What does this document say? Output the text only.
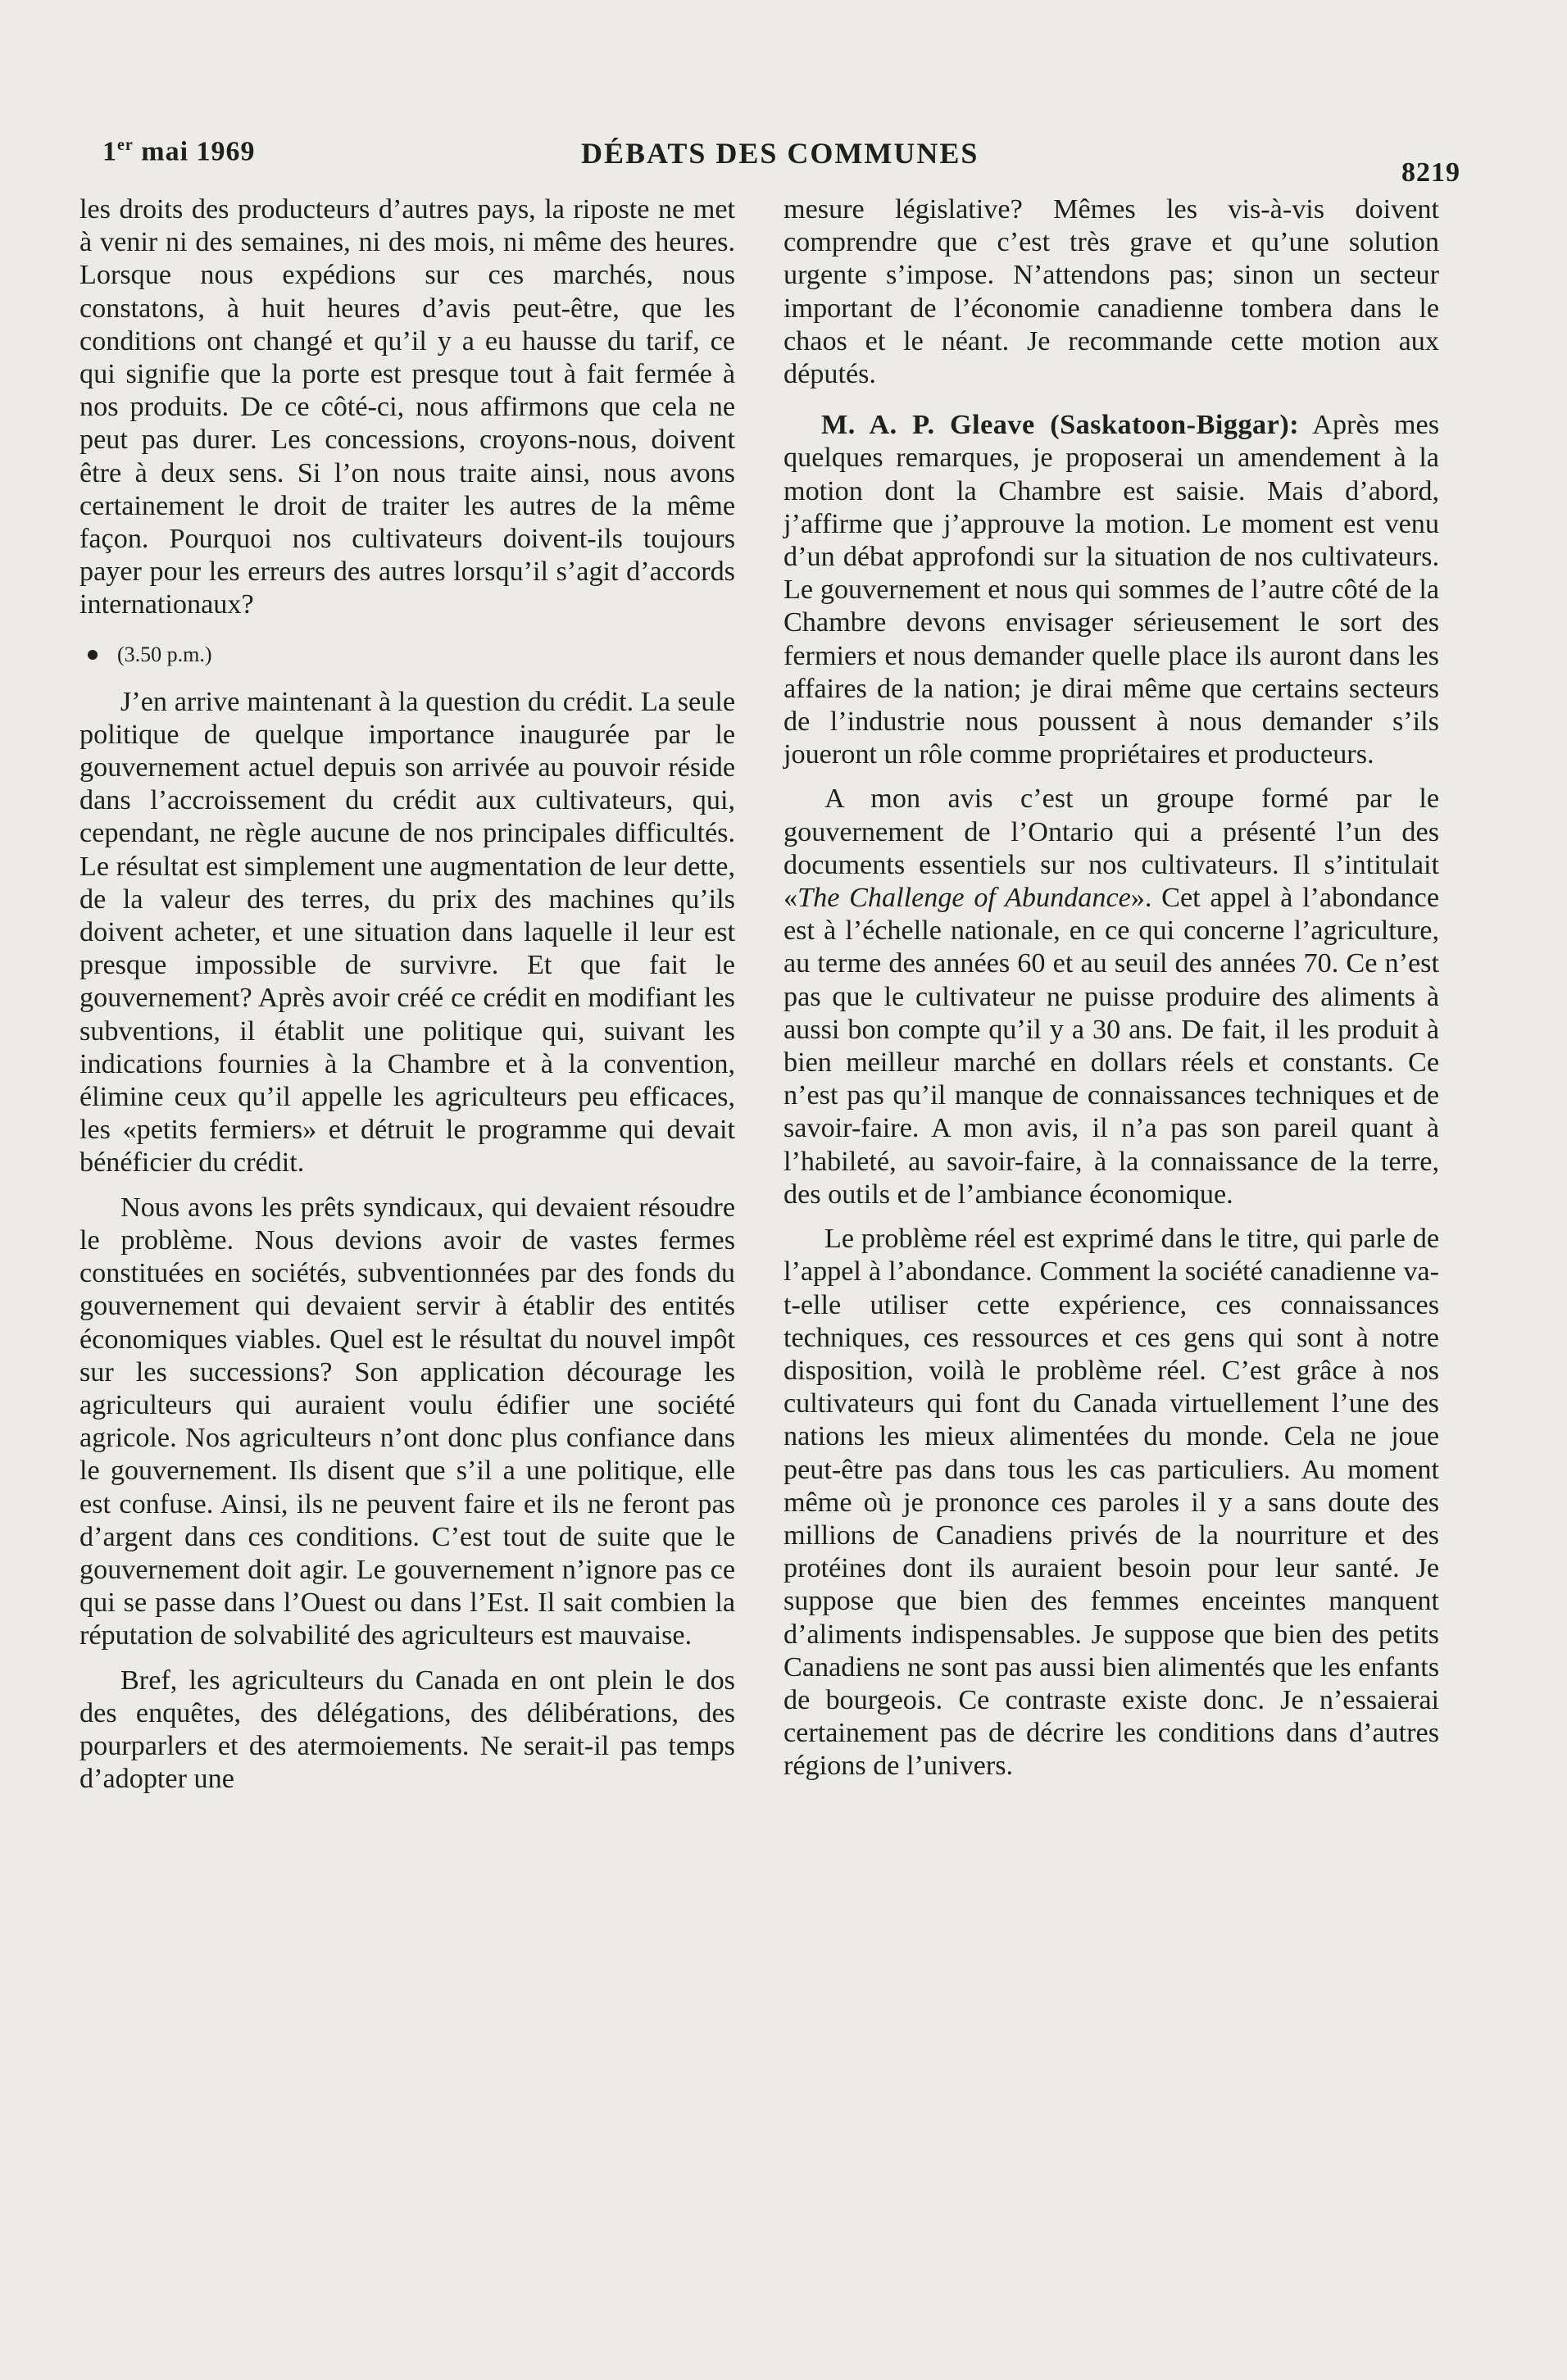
1er mai 1969	DÉBATS DES COMMUNES
8219

les droits des producteurs d’autres pays, la riposte ne met à venir ni des semaines, ni des mois, ni même des heures. Lorsque nous expédions sur ces marchés, nous constatons, à huit heures d’avis peut-être, que les conditions ont changé et qu’il y a eu hausse du tarif, ce qui signifie que la porte est presque tout à fait fermée à nos produits. De ce côté-ci, nous affirmons que cela ne peut pas durer. Les concessions, croyons-nous, doivent être à deux sens. Si l’on nous traite ainsi, nous avons certainement le droit de traiter les autres de la même façon. Pourquoi nos cultivateurs doivent-ils toujours payer pour les erreurs des autres lorsqu’il s’agit d’accords internationaux?

(3.50 p.m.)

J’en arrive maintenant à la question du crédit. La seule politique de quelque importance inaugurée par le gouvernement actuel depuis son arrivée au pouvoir réside dans l’accroissement du crédit aux cultivateurs, qui, cependant, ne règle aucune de nos principales difficultés. Le résultat est simplement une augmentation de leur dette, de la valeur des terres, du prix des machines qu’ils doivent acheter, et une situation dans laquelle il leur est presque impossible de survivre. Et que fait le gouvernement? Après avoir créé ce crédit en modifiant les subventions, il établit une politique qui, suivant les indications fournies à la Chambre et à la convention, élimine ceux qu’il appelle les agriculteurs peu efficaces, les «petits fermiers» et détruit le programme qui devait bénéficier du crédit.

Nous avons les prêts syndicaux, qui devaient résoudre le problème. Nous devions avoir de vastes fermes constituées en sociétés, subventionnées par des fonds du gouvernement qui devaient servir à établir des entités économiques viables. Quel est le résultat du nouvel impôt sur les successions? Son application décourage les agriculteurs qui auraient voulu édifier une société agricole. Nos agriculteurs n’ont donc plus confiance dans le gouvernement. Ils disent que s’il a une politique, elle est confuse. Ainsi, ils ne peuvent faire et ils ne feront pas d’argent dans ces conditions. C’est tout de suite que le gouvernement doit agir. Le gouvernement n’ignore pas ce qui se passe dans l’Ouest ou dans l’Est. Il sait combien la réputation de solvabilité des agriculteurs est mauvaise.

Bref, les agriculteurs du Canada en ont plein le dos des enquêtes, des délégations, des délibérations, des pourparlers et des atermoiements. Ne serait-il pas temps d’adopter une

mesure législative? Mêmes les vis-à-vis doivent comprendre que c’est très grave et qu’une solution urgente s’impose. N’attendons pas; sinon un secteur important de l’économie canadienne tombera dans le chaos et le néant. Je recommande cette motion aux députés.

M. A. P. Gleave (Saskatoon-Biggar): Après mes quelques remarques, je proposerai un amendement à la motion dont la Chambre est saisie. Mais d’abord, j’affirme que j’approuve la motion. Le moment est venu d’un débat approfondi sur la situation de nos cultivateurs. Le gouvernement et nous qui sommes de l’autre côté de la Chambre devons envisager sérieusement le sort des fermiers et nous demander quelle place ils auront dans les affaires de la nation; je dirai même que certains secteurs de l’industrie nous poussent à nous demander s’ils joueront un rôle comme propriétaires et producteurs.

A mon avis c’est un groupe formé par le gouvernement de l’Ontario qui a présenté l’un des documents essentiels sur nos cultivateurs. Il s’intitulait «The Challenge of Abundance». Cet appel à l’abondance est à l’échelle nationale, en ce qui concerne l’agriculture, au terme des années 60 et au seuil des années 70. Ce n’est pas que le cultivateur ne puisse produire des aliments à aussi bon compte qu’il y a 30 ans. De fait, il les produit à bien meilleur marché en dollars réels et constants. Ce n’est pas qu’il manque de connaissances techniques et de savoir-faire. A mon avis, il n’a pas son pareil quant à l’habileté, au savoir-faire, à la connaissance de la terre, des outils et de l’ambiance économique.

Le problème réel est exprimé dans le titre, qui parle de l’appel à l’abondance. Comment la société canadienne va-t-elle utiliser cette expérience, ces connaissances techniques, ces ressources et ces gens qui sont à notre disposition, voilà le problème réel. C’est grâce à nos cultivateurs qui font du Canada virtuellement l’une des nations les mieux alimentées du monde. Cela ne joue peut-être pas dans tous les cas particuliers. Au moment même où je prononce ces paroles il y a sans doute des millions de Canadiens privés de la nourriture et des protéines dont ils auraient besoin pour leur santé. Je suppose que bien des femmes enceintes manquent d’aliments indispensables. Je suppose que bien des petits Canadiens ne sont pas aussi bien alimentés que les enfants de bourgeois. Ce contraste existe donc. Je n’essaierai certainement pas de décrire les conditions dans d’autres régions de l’univers.
